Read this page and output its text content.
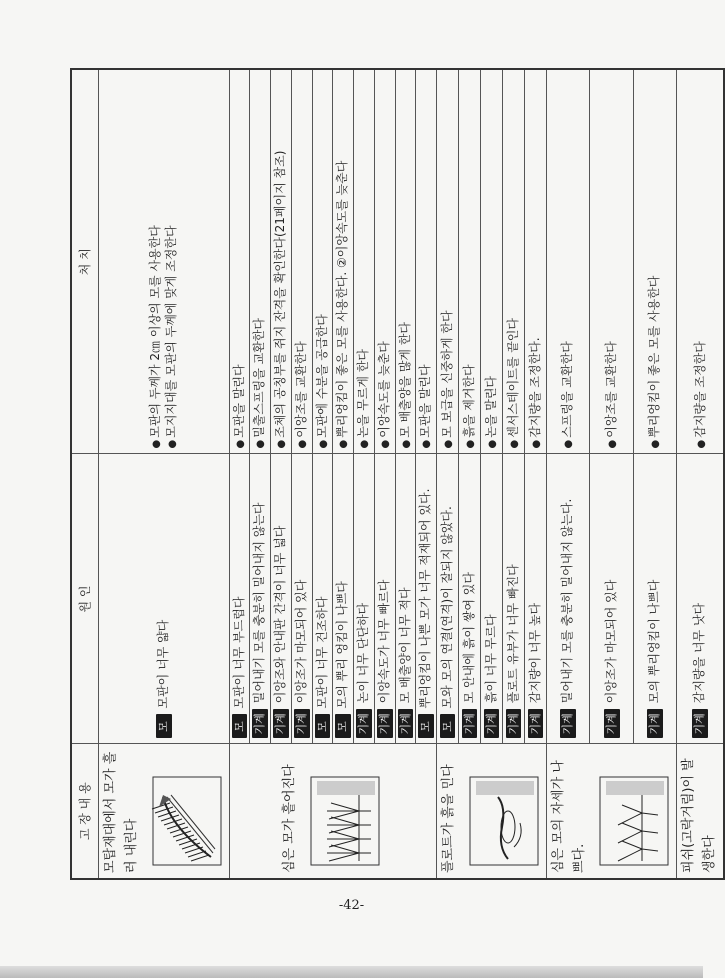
고 장 내 용	원 인	처 치

모탑재대에서 모가 흘러 내린다	모모판이 너무 얇다	● 모판의 두께가 2㎝ 이상의 모를 사용한다 ● 모지지대를 모판의 두께에 맞게 조정한다

심은 모가 흩어진다	모모판이 너무 부드럽다	● 모판을 말린다

	기계밀어내기 모를 충분히 밀어내지 않는다	● 밀출스프링을 교환한다

	기계이앙조와 안내판 간격이 너무 넓다	● 조체의 공칭부를 쥐지 잔격을 확인한다(21페이지 참조)

	기계이앙조가 마모되어 있다	● 이앙조를 교환한다

	모모판이 너무 건조하다	● 모판에 수분을 공급한다

	모모의 뿌리 엉킴이 나쁘다	● 뿌리엉킴이 좋은 모를 사용한다. ②이앙속도를 늦춘다

	기계논이 너무 단단하다	● 논을 무르게 한다

	기계이앙속도가 너무 빠르다	● 이앙속도를 늦춘다

	기계모 배출양이 너무 적다	● 모 배출양을 많게 한다

	모뿌리엉킴이 나쁜 모가 너무 적재되어 있다.	● 모판을 말린다

플로트가 흙을 민다	모모와 모의 연결(연격)이 잘되지 않았다.	● 모 보급을 신중하게 한다

	기계모 안내에 흙이 쌓여 있다	● 흙을 제거한다

	기계흙이 너무 무르다	● 논을 말린다

	기계플로트 유부가 너무 빠진다	● 센서스테이트를 끝인다

	기계감지량이 너무 높다	● 감지량을 조정한다.

심은 모의 자세가 나쁘다.	기계밀어내기 모를 충분히 밀어내지 않는다.	● 스프링을 교환한다

	기계이앙조가 마모되어 있다	● 이앙조를 교환한다

	기계모의 뿌리엉킴이 나쁘다	● 뿌리엉킴이 좋은 모를 사용한다

피쉬(고락거림)이 발생한다	기계감지량을 너무 낫다	● 감지량을 조정한다
-42-
